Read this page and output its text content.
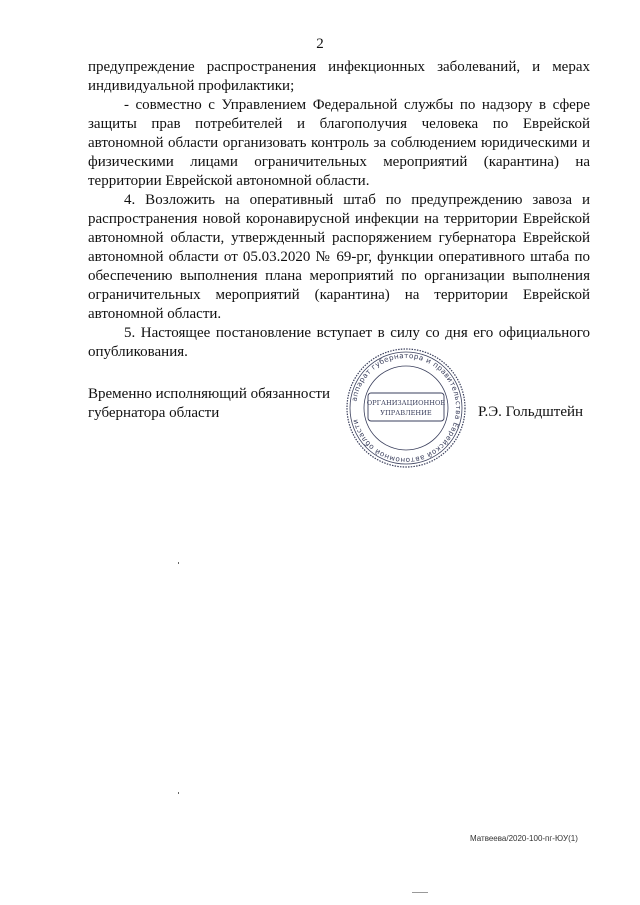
2

предупреждение распространения инфекционных заболеваний, и мерах индивидуальной профилактики;

- совместно с Управлением Федеральной службы по надзору в сфере защиты прав потребителей и благополучия человека по Еврейской автономной области организовать контроль за соблюдением юридическими и физическими лицами ограничительных мероприятий (карантина) на территории Еврейской автономной области.

4. Возложить на оперативный штаб по предупреждению завоза и распространения новой коронавирусной инфекции на территории Еврейской автономной области, утвержденный распоряжением губернатора Еврейской автономной области от 05.03.2020 № 69-рг, функции оперативного штаба по обеспечению выполнения плана мероприятий по организации выполнения ограничительных мероприятий (карантина) на территории Еврейской автономной области.

5. Настоящее постановление вступает в силу со дня его официального опубликования.

Временно исполняющий обязанности
губернатора области
аппарат губернатора и правительства Еврейской автономной области
ОРГАНИЗАЦИОННОЕ
УПРАВЛЕНИЕ	Р.Э. Гольдштейн
Матвеева/2020-100-пг-ЮУ(1)
